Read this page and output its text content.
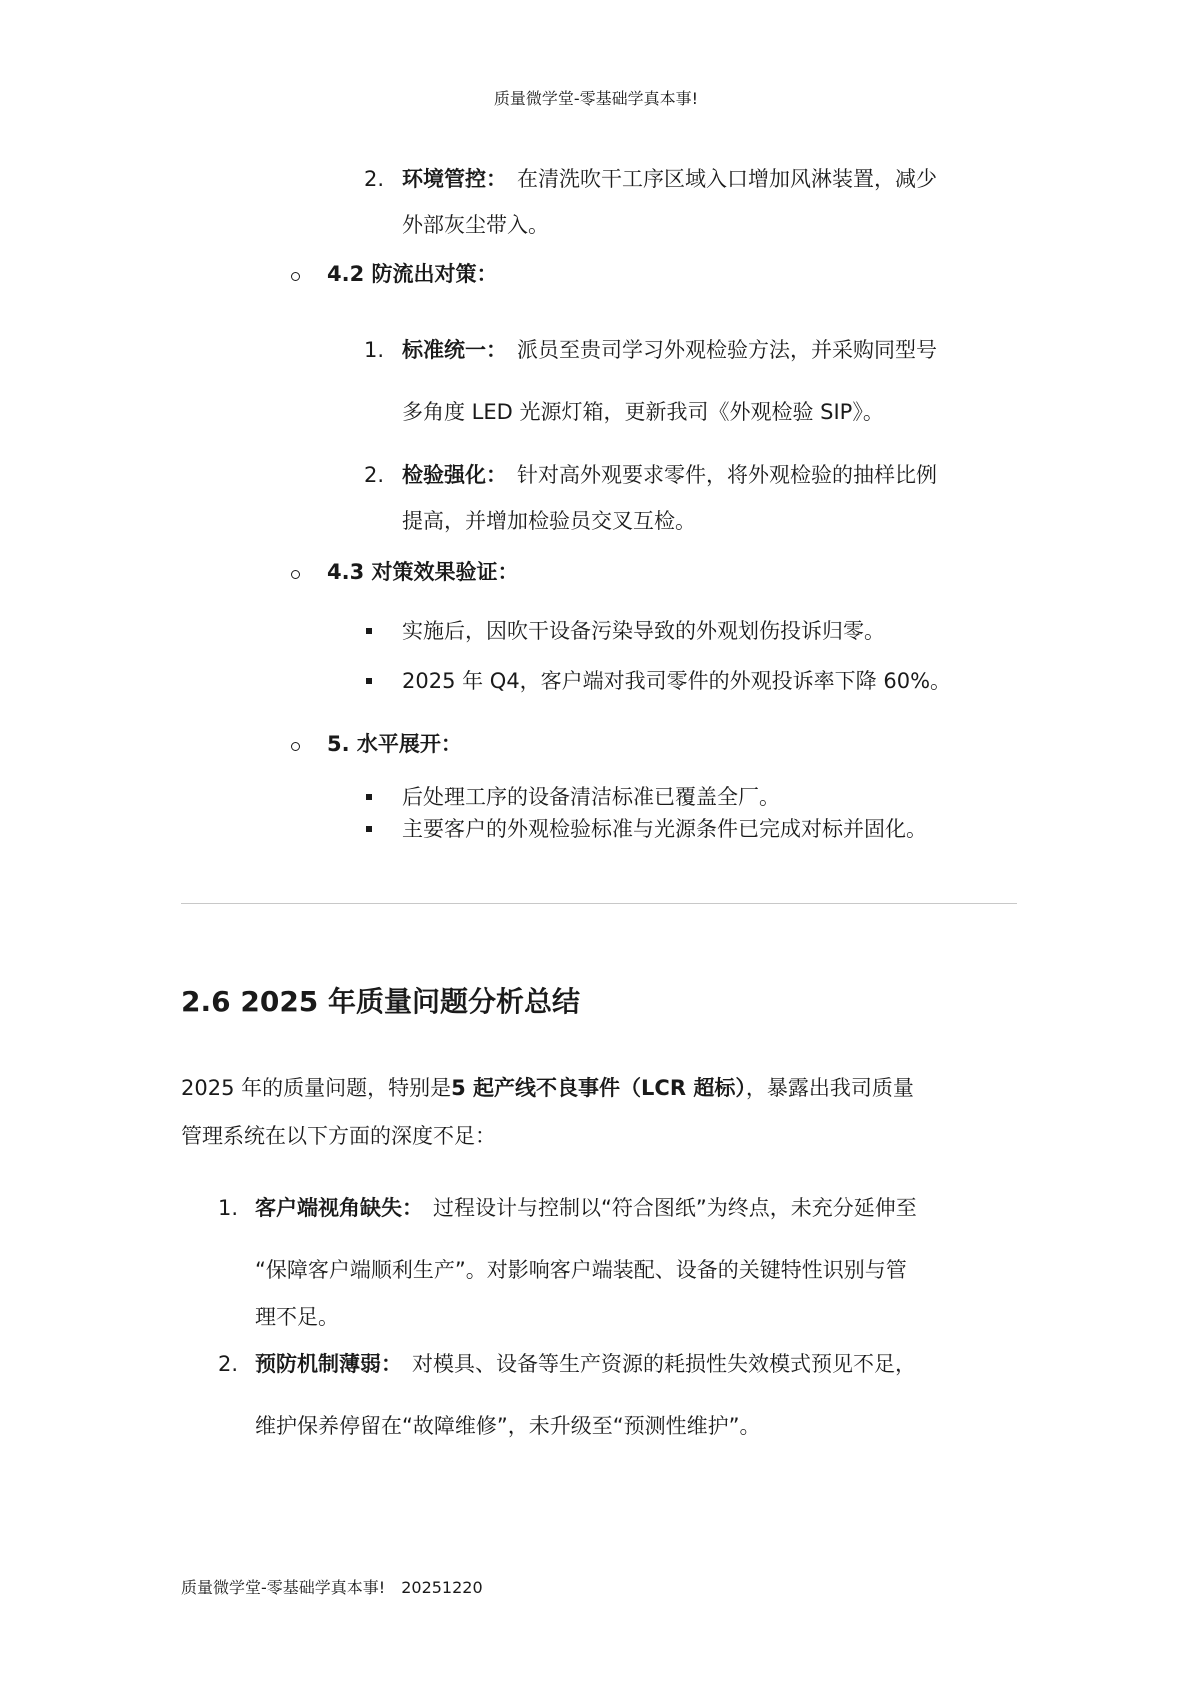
质量微学堂-零基础学真本事!
2. 环境管控： 在清洗吹干工序区域入口增加风淋装置，减少
外部灰尘带入。
4.2 防流出对策：
1. 标准统一： 派员至贵司学习外观检验方法，并采购同型号
多角度 LED 光源灯箱，更新我司《外观检验 SIP》。
2. 检验强化： 针对高外观要求零件，将外观检验的抽样比例
提高，并增加检验员交叉互检。
4.3 对策效果验证：
实施后，因吹干设备污染导致的外观划伤投诉归零。
2025 年 Q4，客户端对我司零件的外观投诉率下降 60%。
5. 水平展开：
后处理工序的设备清洁标准已覆盖全厂。
主要客户的外观检验标准与光源条件已完成对标并固化。
2.6 2025 年质量问题分析总结
2025 年的质量问题，特别是5 起产线不良事件（LCR 超标），暴露出我司质量
管理系统在以下方面的深度不足：
1. 客户端视角缺失： 过程设计与控制以“符合图纸”为终点，未充分延伸至
“保障客户端顺利生产”。对影响客户端装配、设备的关键特性识别与管
理不足。
2. 预防机制薄弱： 对模具、设备等生产资源的耗损性失效模式预见不足，
维护保养停留在“故障维修”，未升级至“预测性维护”。
质量微学堂-零基础学真本事! 20251220
